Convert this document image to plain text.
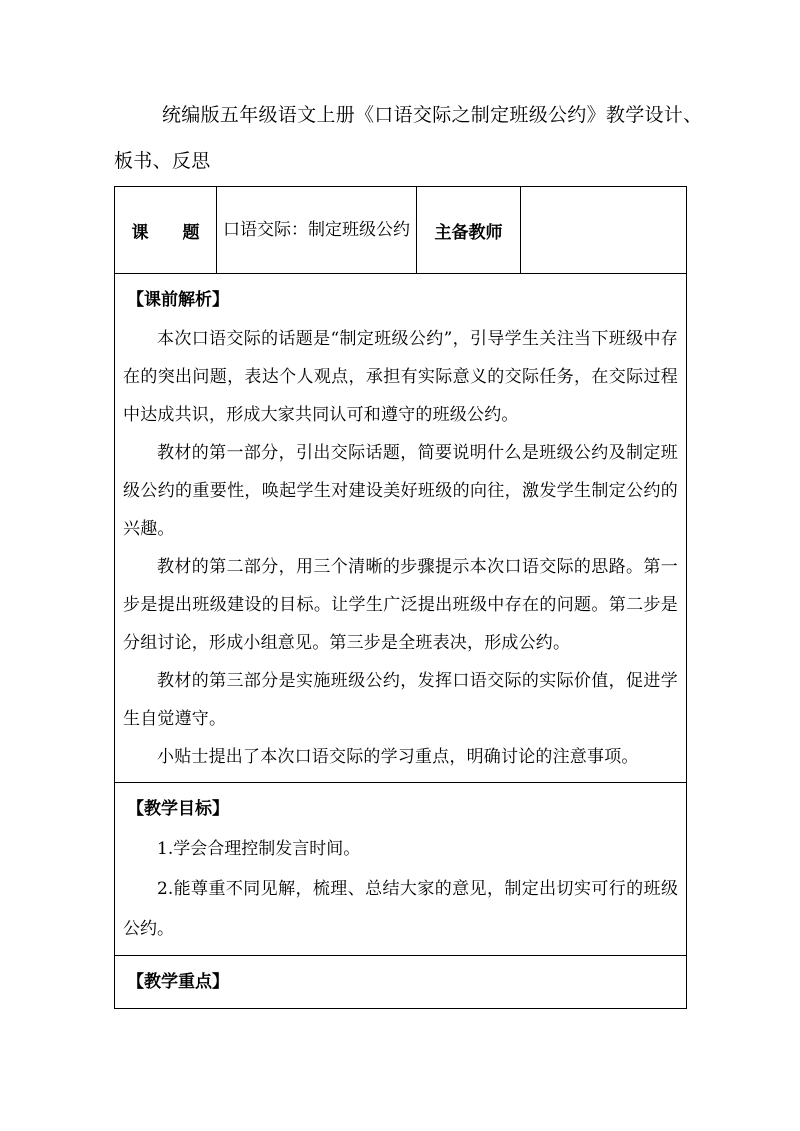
统编版五年级语文上册《口语交际之制定班级公约》教学设计、
板书、反思
课　　题	口语交际：制定班级公约	主备教师	

【课前解析】

本次口语交际的话题是“制定班级公约”，引导学生关注当下班级中存在的突出问题，表达个人观点，承担有实际意义的交际任务，在交际过程中达成共识，形成大家共同认可和遵守的班级公约。

教材的第一部分，引出交际话题，简要说明什么是班级公约及制定班级公约的重要性，唤起学生对建设美好班级的向往，激发学生制定公约的兴趣。

教材的第二部分，用三个清晰的步骤提示本次口语交际的思路。第一步是提出班级建设的目标。让学生广泛提出班级中存在的问题。第二步是分组讨论，形成小组意见。第三步是全班表决，形成公约。

教材的第三部分是实施班级公约，发挥口语交际的实际价值，促进学生自觉遵守。

小贴士提出了本次口语交际的学习重点，明确讨论的注意事项。

【教学目标】

1.学会合理控制发言时间。

2.能尊重不同见解，梳理、总结大家的意见，制定出切实可行的班级公约。

【教学重点】
